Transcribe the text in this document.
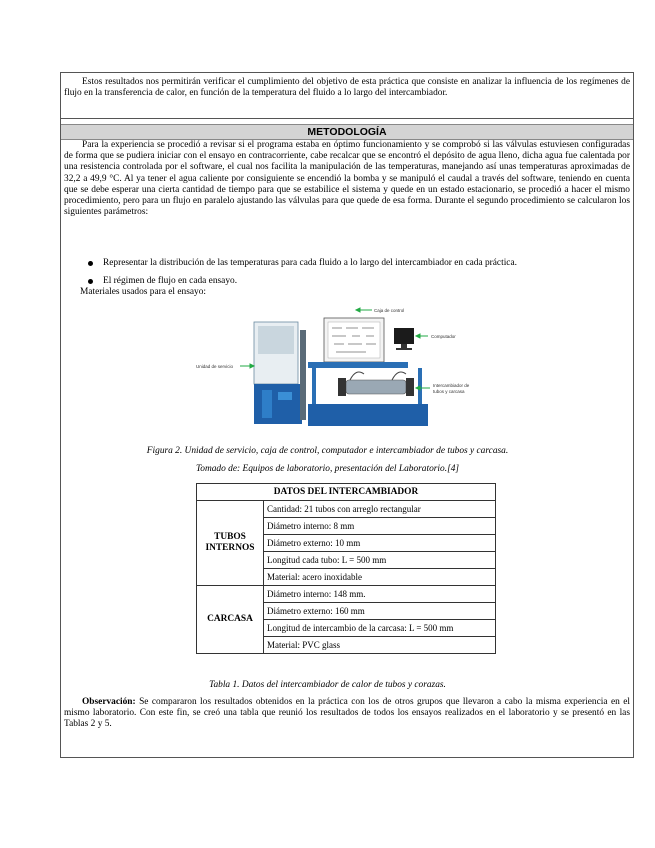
Estos resultados nos permitirán verificar el cumplimiento del objetivo de esta práctica que consiste en analizar la influencia de los regímenes de flujo en la transferencia de calor, en función de la temperatura del fluido a lo largo del intercambiador.
METODOLOGÍA
Para la experiencia se procedió a revisar si el programa estaba en óptimo funcionamiento y se comprobó si las válvulas estuviesen configuradas de forma que se pudiera iniciar con el ensayo en contracorriente, cabe recalcar que se encontró el depósito de agua lleno, dicha agua fue calentada por una resistencia controlada por el software, el cual nos facilita la manipulación de las temperaturas, manejando así unas temperaturas aproximadas de 32,2 a 49,9 °C. Al ya tener el agua caliente por consiguiente se encendió la bomba y se manipuló el caudal a través del software, teniendo en cuenta que se debe esperar una cierta cantidad de tiempo para que se estabilice el sistema y quede en un estado estacionario, se procedió a hacer el mismo procedimiento, pero para un flujo en paralelo ajustando las válvulas para que quede de esa forma. Durante el segundo procedimiento se calcularon los siguientes parámetros:
Representar la distribución de las temperaturas para cada fluido a lo largo del intercambiador en cada práctica.
El régimen de flujo en cada ensayo.
Materiales usados para el ensayo:
Caja de control
Computador
Unidad de servicio
Intercambiador de
tubos y carcasa
Figura 2. Unidad de servicio, caja de control, computador e intercambiador de tubos y carcasa.
Tomado de: Equipos de laboratorio, presentación del Laboratorio.[4]
DATOS DEL INTERCAMBIADOR	
TUBOS INTERNOS	Cantidad: 21 tubos con arreglo rectangular
	Diámetro interno: 8 mm
	Diámetro externo: 10 mm
	Longitud cada tubo: L = 500 mm
	Material: acero inoxidable
CARCASA	Diámetro interno: 148 mm.
	Diámetro externo: 160 mm
	Longitud de intercambio de la carcasa: L = 500 mm
	Material: PVC glass
Tabla 1. Datos del intercambiador de calor de tubos y corazas.
Observación: Se compararon los resultados obtenidos en la práctica con los de otros grupos que llevaron a cabo la misma experiencia en el mismo laboratorio. Con este fin, se creó una tabla que reunió los resultados de todos los ensayos realizados en el laboratorio y se presentó en las Tablas 2 y 5.
